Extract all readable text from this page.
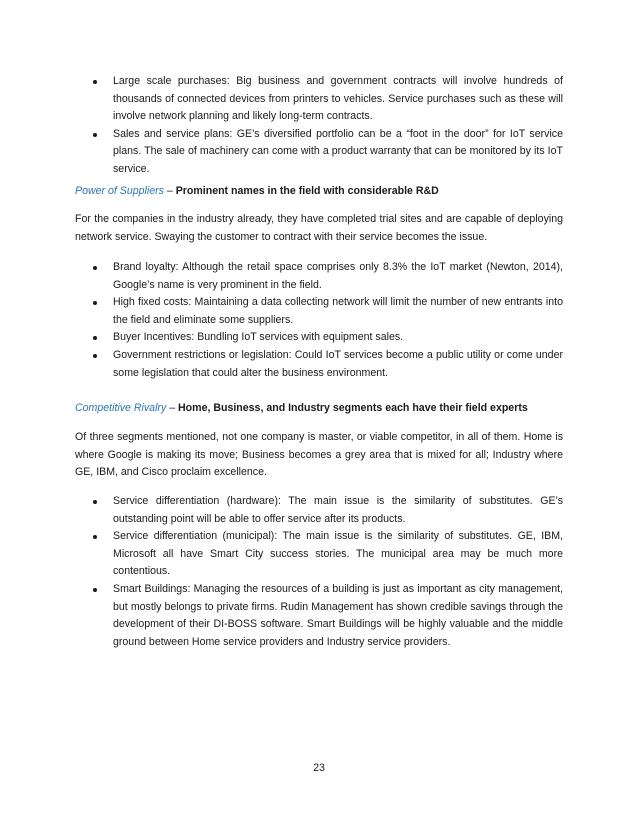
Large scale purchases: Big business and government contracts will involve hundreds of thousands of connected devices from printers to vehicles. Service purchases such as these will involve network planning and likely long-term contracts.
Sales and service plans: GE’s diversified portfolio can be a “foot in the door” for IoT service plans. The sale of machinery can come with a product warranty that can be monitored by its IoT service.
Power of Suppliers – Prominent names in the field with considerable R&D

For the companies in the industry already, they have completed trial sites and are capable of deploying network service. Swaying the customer to contract with their service becomes the issue.

Brand loyalty: Although the retail space comprises only 8.3% the IoT market (Newton, 2014), Google’s name is very prominent in the field.
High fixed costs: Maintaining a data collecting network will limit the number of new entrants into the field and eliminate some suppliers.
Buyer Incentives: Bundling IoT services with equipment sales.
Government restrictions or legislation: Could IoT services become a public utility or come under some legislation that could alter the business environment.
Competitive Rivalry – Home, Business, and Industry segments each have their field experts

Of three segments mentioned, not one company is master, or viable competitor, in all of them. Home is where Google is making its move; Business becomes a grey area that is mixed for all; Industry where GE, IBM, and Cisco proclaim excellence.

Service differentiation (hardware): The main issue is the similarity of substitutes. GE’s outstanding point will be able to offer service after its products.
Service differentiation (municipal): The main issue is the similarity of substitutes. GE, IBM, Microsoft all have Smart City success stories. The municipal area may be much more contentious.
Smart Buildings: Managing the resources of a building is just as important as city management, but mostly belongs to private firms. Rudin Management has shown credible savings through the development of their DI-BOSS software. Smart Buildings will be highly valuable and the middle ground between Home service providers and Industry service providers.
23
